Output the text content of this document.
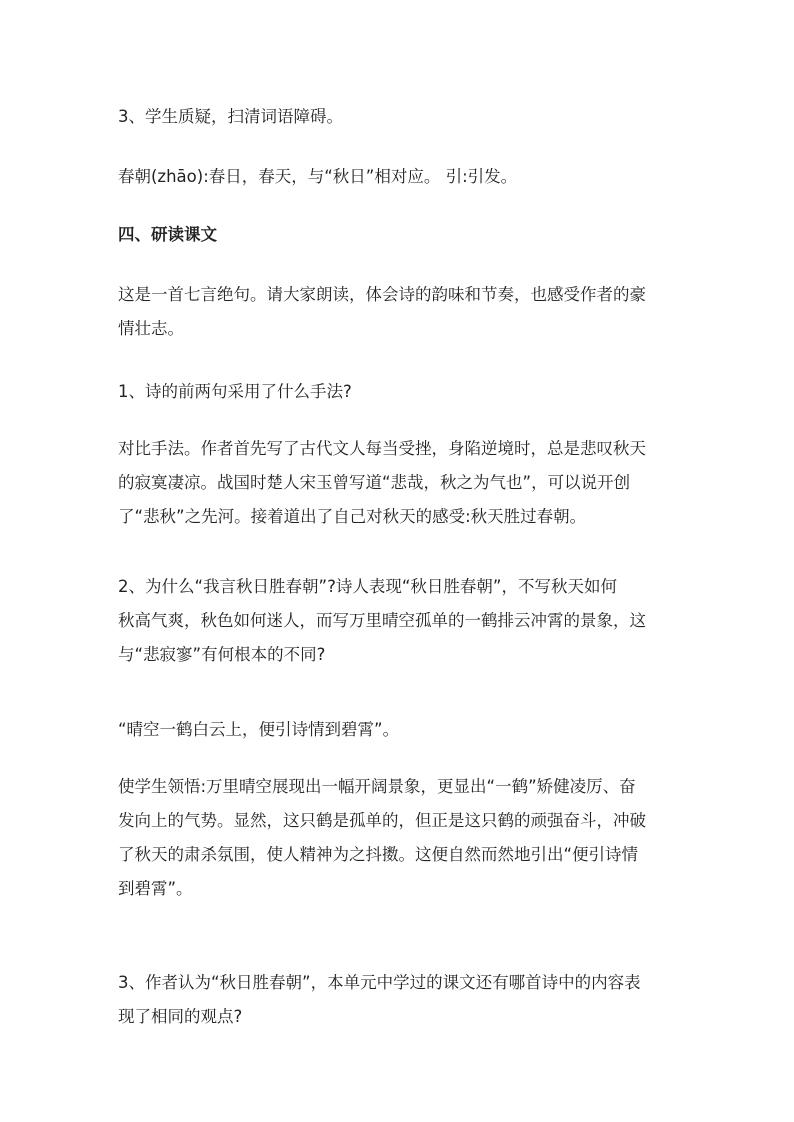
3、学生质疑，扫清词语障碍。

春朝(zhāo):春日，春天，与“秋日”相对应。 引:引发。

四、研读课文

这是一首七言绝句。请大家朗读，体会诗的韵味和节奏，也感受作者的豪
情壮志。

1、诗的前两句采用了什么手法?

对比手法。作者首先写了古代文人每当受挫，身陷逆境时，总是悲叹秋天
的寂寞凄凉。战国时楚人宋玉曾写道“悲哉，秋之为气也”，可以说开创
了“悲秋”之先河。接着道出了自己对秋天的感受:秋天胜过春朝。

2、为什么“我言秋日胜春朝”?诗人表现“秋日胜春朝”，不写秋天如何
秋高气爽，秋色如何迷人，而写万里晴空孤单的一鹤排云冲霄的景象，这
与“悲寂寥”有何根本的不同?

“晴空一鹤白云上，便引诗情到碧霄”。

使学生领悟:万里晴空展现出一幅开阔景象，更显出“一鹤”矫健凌厉、奋
发向上的气势。显然，这只鹤是孤单的，但正是这只鹤的顽强奋斗，冲破
了秋天的肃杀氛围，使人精神为之抖擞。这便自然而然地引出“便引诗情
到碧霄”。

3、作者认为“秋日胜春朝”，本单元中学过的课文还有哪首诗中的内容表
现了相同的观点?
